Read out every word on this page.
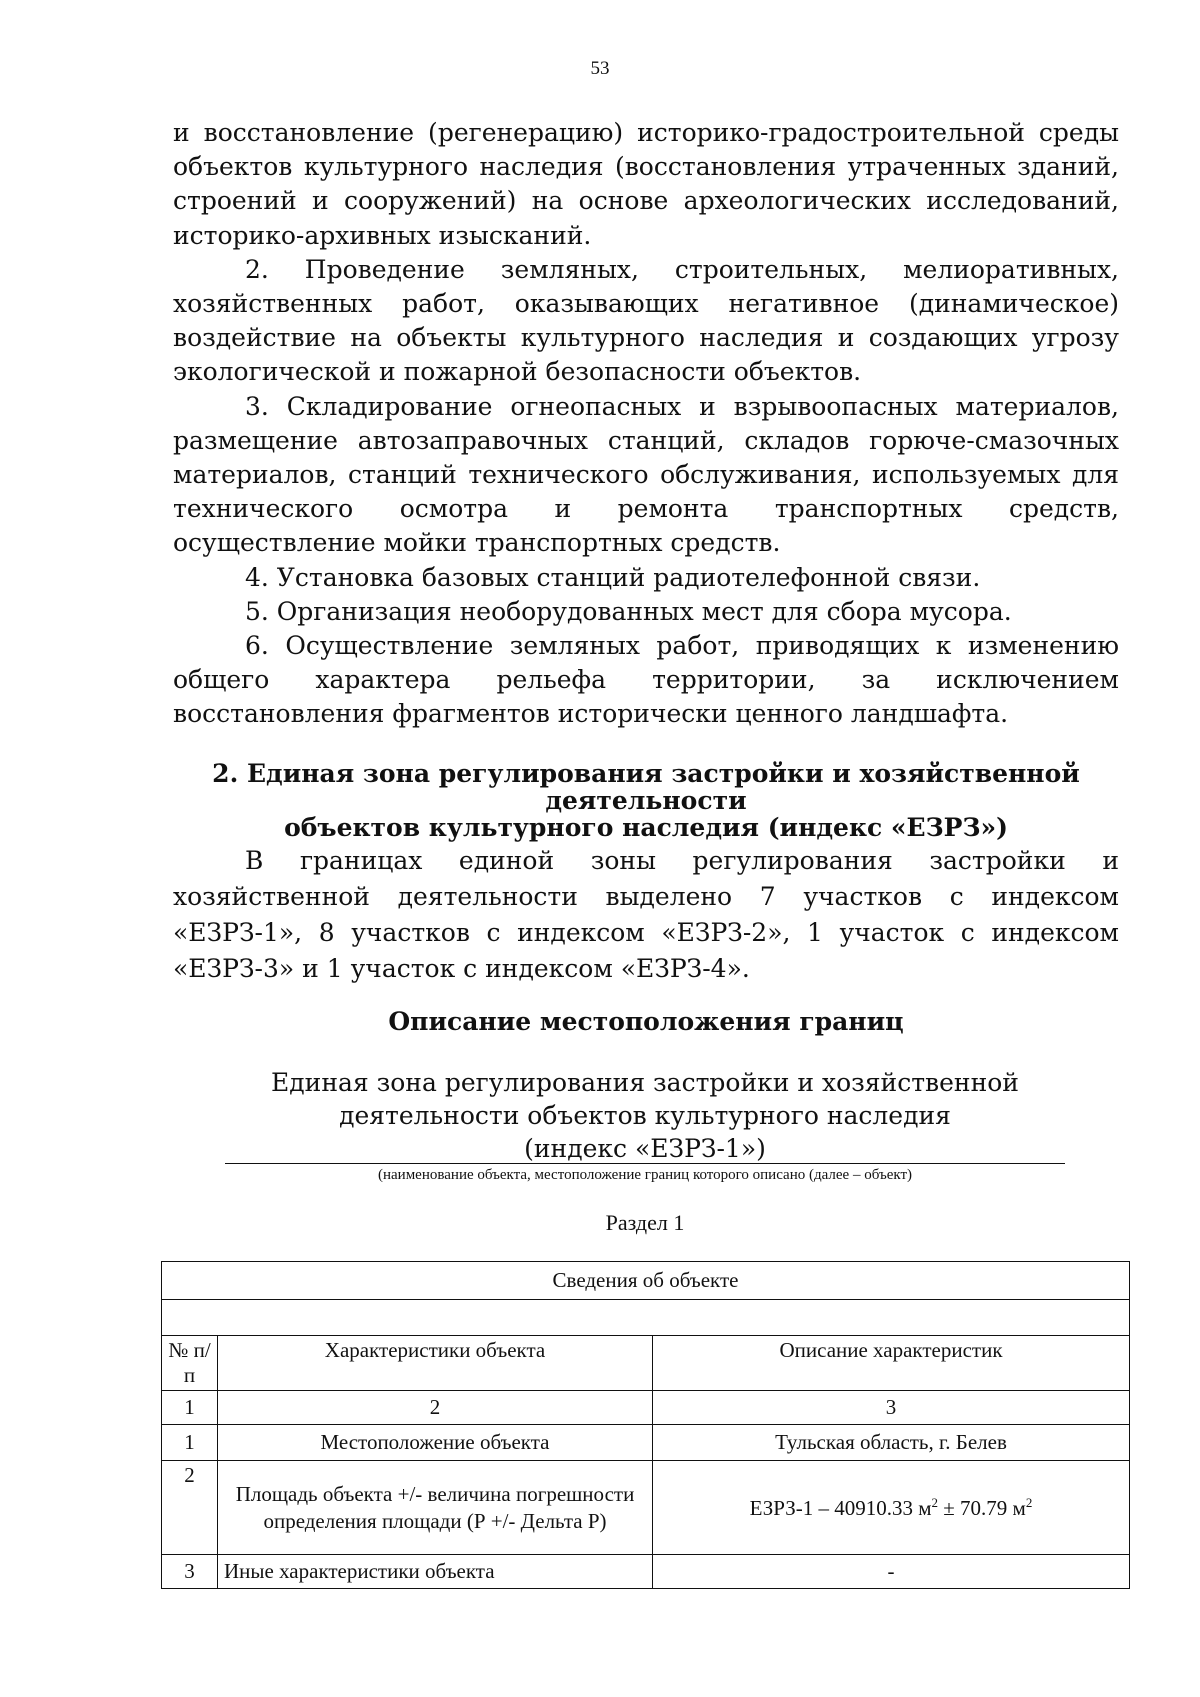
53

и восстановление (регенерацию) историко-градостроительной среды объектов культурного наследия (восстановления утраченных зданий, строений и сооружений) на основе археологических исследований, историко-архивных изысканий.

2. Проведение земляных, строительных, мелиоративных, хозяйственных работ, оказывающих негативное (динамическое) воздействие на объекты культурного наследия и создающих угрозу экологической и пожарной безопасности объектов.

3. Складирование огнеопасных и взрывоопасных материалов, размещение автозаправочных станций, складов горюче-смазочных материалов, станций технического обслуживания, используемых для технического осмотра и ремонта транспортных средств, осуществление мойки транспортных средств.

4. Установка базовых станций радиотелефонной связи.

5. Организация необорудованных мест для сбора мусора.

6. Осуществление земляных работ, приводящих к изменению общего характера рельефа территории, за исключением восстановления фрагментов исторически ценного ландшафта.

2. Единая зона регулирования застройки и хозяйственной деятельности
объектов культурного наследия (индекс «ЕЗРЗ»)

В границах единой зоны регулирования застройки и хозяйственной деятельности выделено 7 участков с индексом «ЕЗРЗ-1», 8 участков с индексом «ЕЗРЗ-2», 1 участок с индексом «ЕЗРЗ-3» и 1 участок с индексом «ЕЗРЗ-4».

Описание местоположения границ
Единая зона регулирования застройки и хозяйственной
деятельности объектов культурного наследия
(индекс «ЕЗРЗ-1»)
(наименование объекта, местоположение границ которого описано (далее – объект)
Раздел 1
Сведения об объекте		

№ п/п	Характеристики объекта	Описание характеристик
1	2	3
1	Местоположение объекта	Тульская область, г. Белев
2	Площадь объекта +/- величина погрешности определения площади (Р +/- Дельта Р)	ЕЗРЗ-1 – 40910.33 $м^2 \pm 70.79$ $м^2$
3	Иные характеристики объекта	-
